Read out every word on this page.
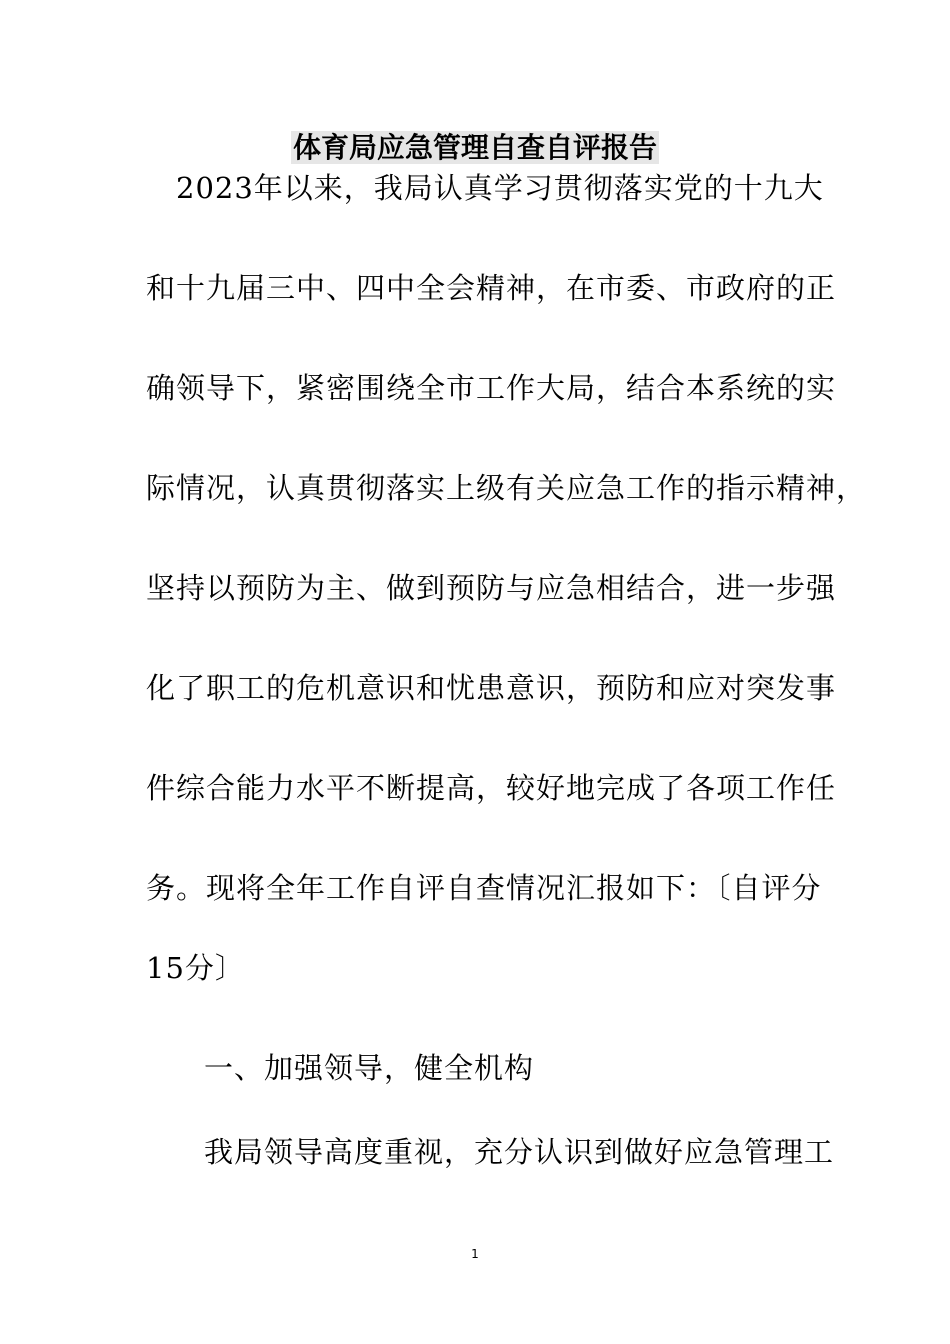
体育局应急管理自查自评报告
2023年以来，我局认真学习贯彻落实党的十九大
和十九届三中、四中全会精神，在市委、市政府的正
确领导下，紧密围绕全市工作大局，结合本系统的实
际情况，认真贯彻落实上级有关应急工作的指示精神，
坚持以预防为主、做到预防与应急相结合，进一步强
化了职工的危机意识和忧患意识，预防和应对突发事
件综合能力水平不断提高，较好地完成了各项工作任
务。现将全年工作自评自查情况汇报如下：〔自评分
15分〕
一、加强领导，健全机构
我局领导高度重视，充分认识到做好应急管理工
1
